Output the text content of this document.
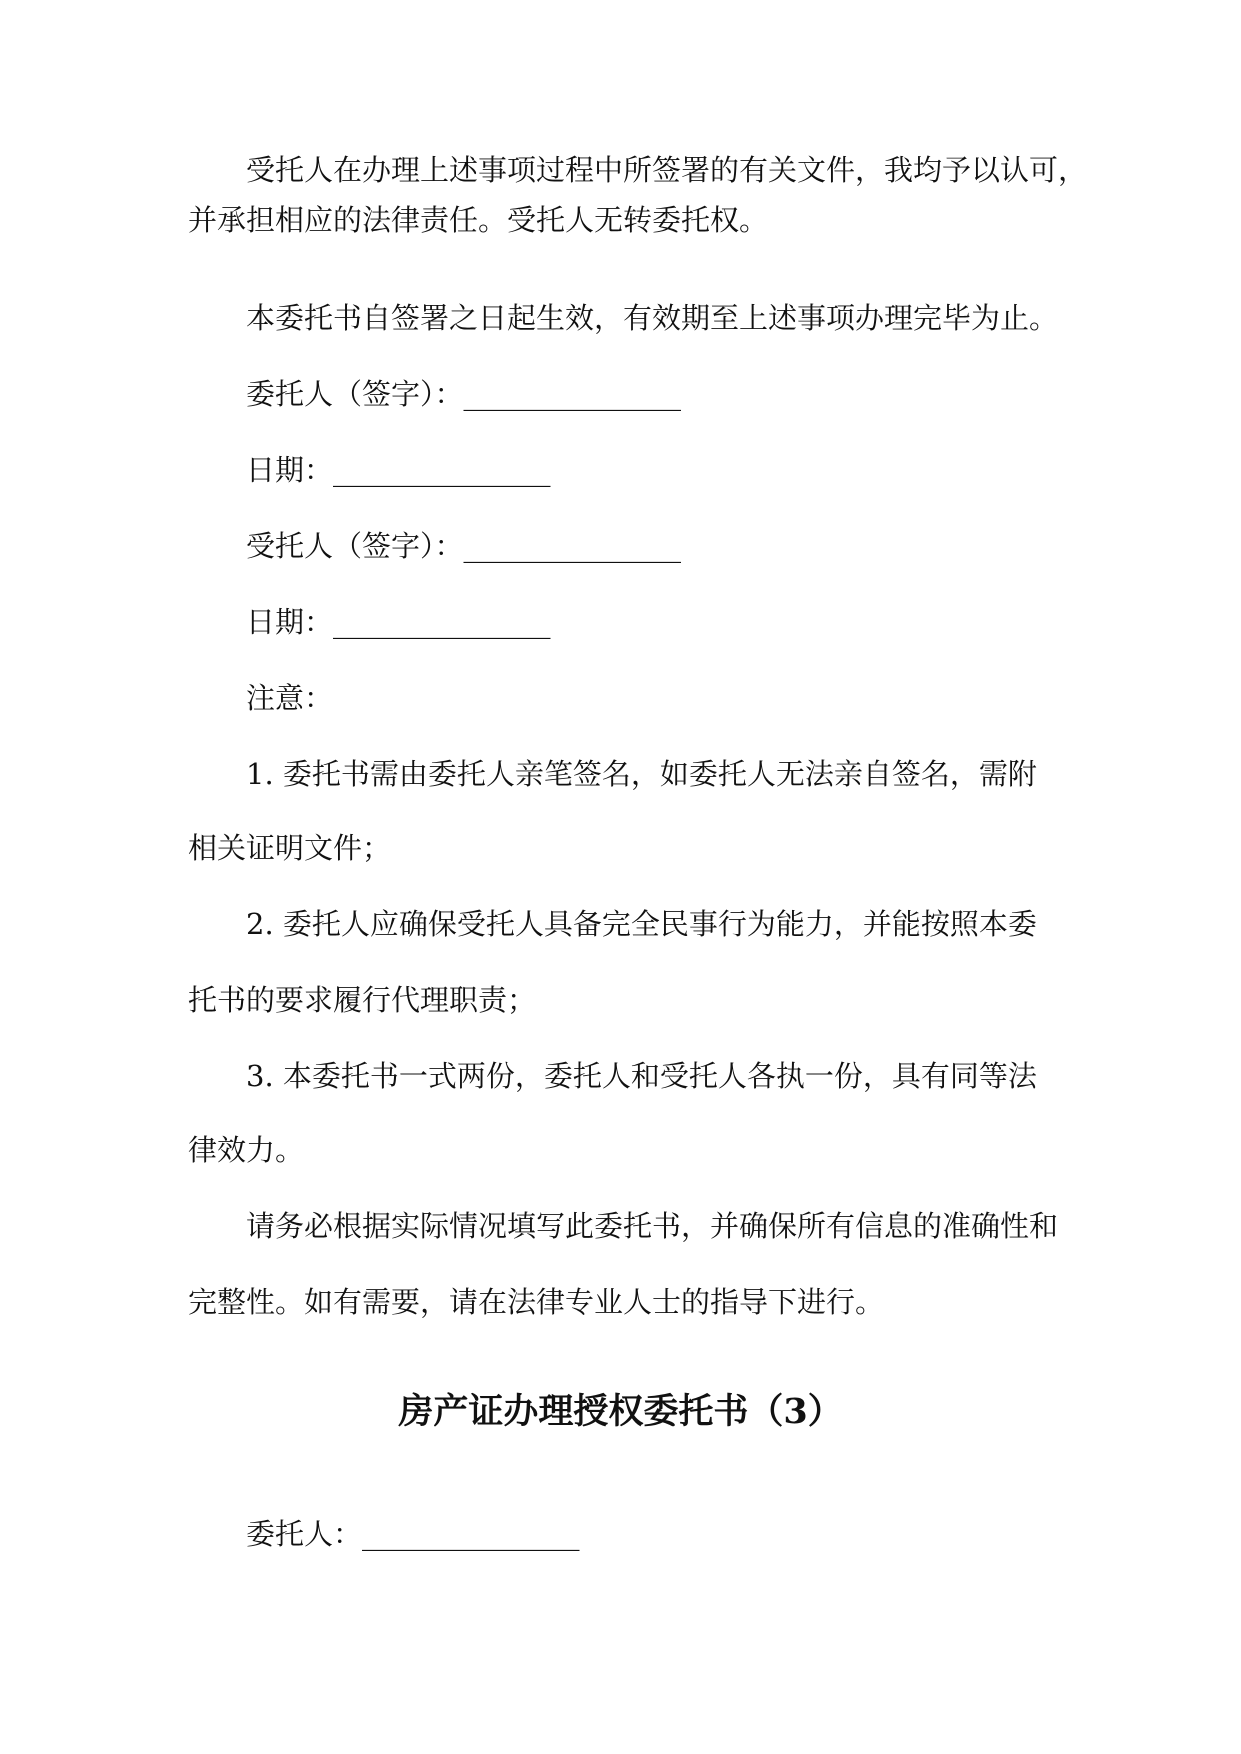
受托人在办理上述事项过程中所签署的有关文件，我均予以认可，
并承担相应的法律责任。受托人无转委托权。
本委托书自签署之日起生效，有效期至上述事项办理完毕为止。
委托人（签字）：_______________
日期：_______________
受托人（签字）：_______________
日期：_______________
注意：
1. 委托书需由委托人亲笔签名，如委托人无法亲自签名，需附
相关证明文件；
2. 委托人应确保受托人具备完全民事行为能力，并能按照本委
托书的要求履行代理职责；
3. 本委托书一式两份，委托人和受托人各执一份，具有同等法
律效力。
请务必根据实际情况填写此委托书，并确保所有信息的准确性和
完整性。如有需要，请在法律专业人士的指导下进行。
房产证办理授权委托书（3）
委托人：_______________
